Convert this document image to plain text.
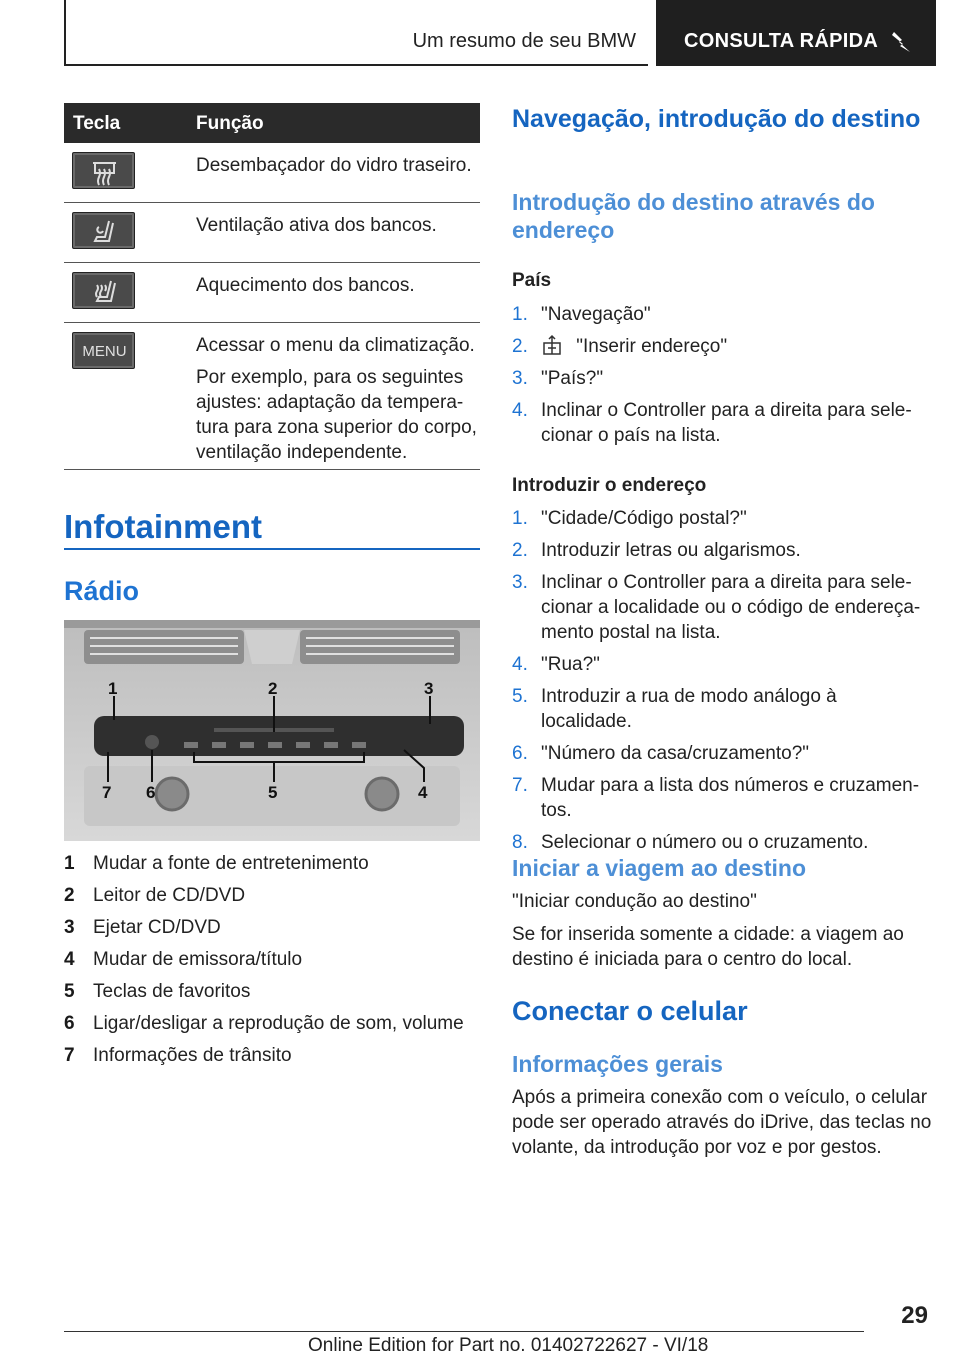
Um resumo de seu BMW CONSULTA RÁPIDA
Tecla	Função

Desembaçador do vidro traseiro.

Ventilação ativa dos bancos.

Aquecimento dos bancos.

MENU	Acessar o menu da climatização.

Por exemplo, para os seguintes ajustes: adaptação da tempera-tura para zona superior do corpo, ventilação independente.

Infotainment
Rádio
1	2	3
4
5
6
7
1 Mudar a fonte de entretenimento
2 Leitor de CD/DVD
3 Ejetar CD/DVD
4 Mudar de emissora/título
5 Teclas de favoritos
6 Ligar/desligar a reprodução de som, volume
7 Informações de trânsito
Navegação, introdução do destino
Introdução do destino através do endereço
País
1. "Navegação"
2.	"Inserir endereço"
3. "País?"
4. Inclinar o Controller para a direita para sele-cionar o país na lista.
Introduzir o endereço
1. "Cidade/Código postal?"
2. Introduzir letras ou algarismos.
3. Inclinar o Controller para a direita para sele-cionar a localidade ou o código de endereça-mento postal na lista.
4. "Rua?"
5. Introduzir a rua de modo análogo à localidade.
6. "Número da casa/cruzamento?"
7. Mudar para a lista dos números e cruzamen-tos.
8. Selecionar o número ou o cruzamento.
Iniciar a viagem ao destino
"Iniciar condução ao destino"
Se for inserida somente a cidade: a viagem ao destino é iniciada para o centro do local.
Conectar o celular
Informações gerais
Após a primeira conexão com o veículo, o celular pode ser operado através do iDrive, das teclas no volante, da introdução por voz e por gestos.
29
Online Edition for Part no. 01402722627 - VI/18
